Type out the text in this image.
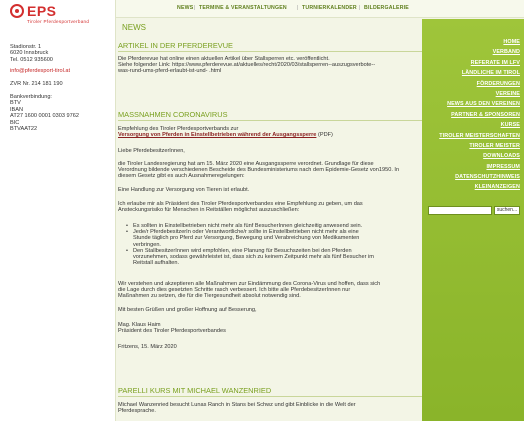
EPS
Tiroler Pferdesportverband
Stadionstr. 1
6020 Innsbruck
Tel. 0512 935600
info@pferdesport-tirol.at
ZVR Nr. 214 181 190
Bankverbindung:
BTV
IBAN
AT27 1600 0001 0303 9762
BIC
BTVAAT22
NEWS | TERMINE & VERANSTALTUNGEN | TURNIERKALENDER | BILDERGALERIE
NEWS
ARTIKEL IN DER PFERDEREVUE
Die Pferderevue hat online einen aktuellen Artikel über Stallsperren etc. veröffentlicht.
Siehe folgender Link: https://www.pferderevue.at/aktuelles/recht/2020/03/stallsperren--auszugsverbote--
was-rund-ums-pferd-erlaubt-ist-und- .html
MASSNAHMEN CORONAVIRUS
Empfehlung des Tiroler Pferdesportverbands zur
Versorgung von Pferden in Einstellbetrieben während der Ausgangssperre (PDF)
Liebe PferdebesitzerInnen,
die Tiroler Landesregierung hat am 15. März 2020 eine Ausgangssperre verordnet. Grundlage für diese
Verordnung bildende verschiedenen Bescheide des Bundesministeriums nach dem Epidemie-Gesetz von1950. In
diesem Gesetz gibt es auch Ausnahmeregelungen:
Eine Handlung zur Versorgung von Tieren ist erlaubt.
Ich erlaube mir als Präsident des Tiroler Pferdesportverbandes eine Empfehlung zu geben, um das
Ansteckungsrisiko für Menschen in Reitställen möglichst auszuschließen:
• Es sollten in Einstellbetrieben nicht mehr als fünf BesucherInnen gleichzeitig anwesend sein.
• Jede/r PferdebesitzerIn oder Verantwortliche/r sollte in Einstellbetrieben nicht mehr als eine
Stunde täglich pro Pferd zur Versorgung, Bewegung und Verabreichung von Medikamenten
verbringen.
• Den StallbesitzerInnen wird empfohlen, eine Planung für Besuchszeiten bei den Pferden
vorzunehmen, sodass gewährleistet ist, dass sich zu keinem Zeitpunkt mehr als fünf Besucher im
Reitstall aufhalten.
Wir verstehen und akzeptieren alle Maßnahmen zur Eindämmung des Corona-Virus und hoffen, dass sich
die Lage durch dies gesetzten Schritte rasch verbessert. Ich bitte alle PferdebesitzerInnen nur
Maßnahmen zu setzen, die für die Tiergesundheit absolut notwendig sind.
Mit besten Grüßen und großer Hoffnung auf Besserung,
Mag. Klaus Haim
Präsident des Tiroler Pferdesportverbandes
Fritzens, 15. März 2020
PARELLI KURS MIT MICHAEL WANZENRIED
Michael Wanzenried besucht Lunas Ranch in Stans bei Schwz und gibt Einblicke in die Welt der
Pferdesprache.
HOME
VERBAND
REFERATE IM LFV
LÄNDLICHE IM TIROL
FÖRDERUNGEN
VEREINE
NEWS AUS DEN VEREINEN
PARTNER & SPONSOREN
KURSE
TIROLER MEISTERSCHAFTEN
TIROLER MEISTER
DOWNLOADS
IMPRESSUM
DATENSCHUTZHINWEIS
KLEINANZEIGEN
suchen...
